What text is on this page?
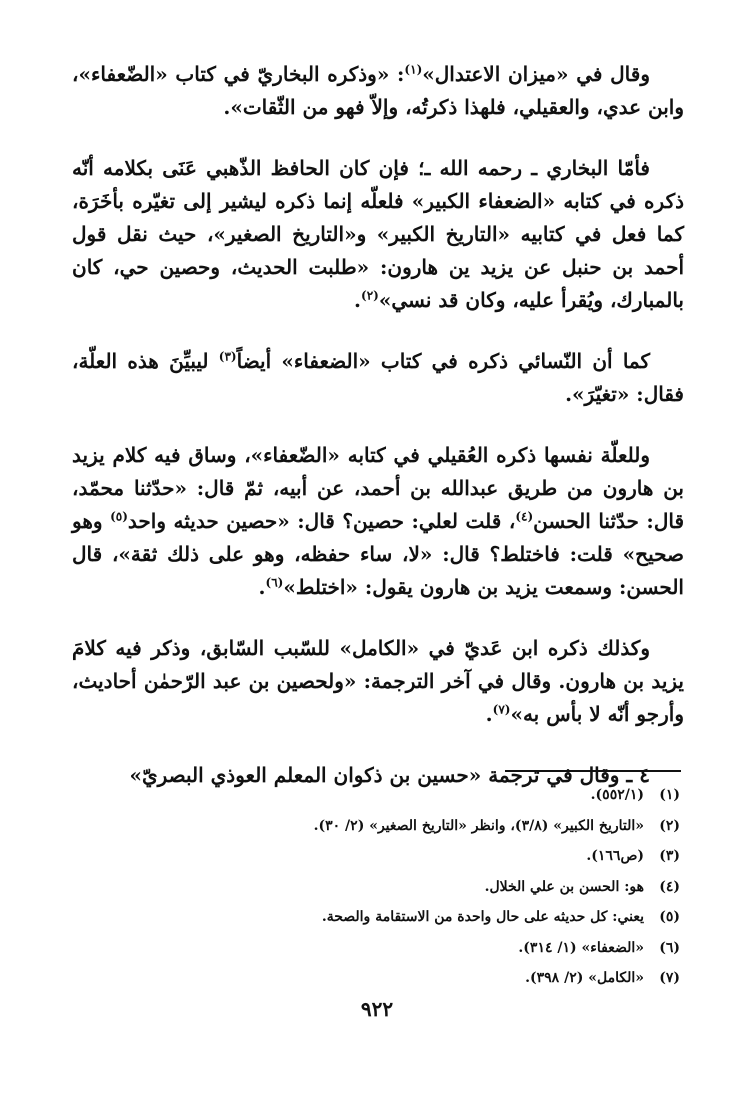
وقال في «ميزان الاعتدال»$^{(١)}$: «وذكره البخاريّ في كتاب «الضّعفاء»، وابن عدي، والعقيلي، فلهذا ذكرتُه، وإلاّ فهو من الثّقات».

فأمّا البخاري ـ رحمه الله ـ؛ فإن كان الحافظ الذّهبي عَنَى بكلامه أنّه ذكره في كتابه «الضعفاء الكبير» فلعلّه إنما ذكره ليشير إلى تغيّره بأخَرَة، كما فعل في كتابيه «التاريخ الكبير» و«التاريخ الصغير»، حيث نقل قول أحمد بن حنبل عن يزيد ين هارون: «طلبت الحديث، وحصين حي، كان بالمبارك، ويُقرأ عليه، وكان قد نسي»$^{(٢)}$.

كما أن النّسائي ذكره في كتاب «الضعفاء» أيضاً$^{(٣)}$ ليبيِّنَ هذه العلّة، فقال: «تغيّرَ».

وللعلّة نفسها ذكره العُقيلي في كتابه «الضّعفاء»، وساق فيه كلام يزيد بن هارون من طريق عبدالله بن أحمد، عن أبيه، ثمّ قال: «حدّثنا محمّد، قال: حدّثنا الحسن$^{(٤)}$، قلت لعلي: حصين؟ قال: «حصين حديثه واحد$^{(٥)}$ وهو صحيح» قلت: فاختلط؟ قال: «لا، ساء حفظه، وهو على ذلك ثقة»، قال الحسن: وسمعت يزيد بن هارون يقول: «اختلط»$^{(٦)}$.

وكذلك ذكره ابن عَديّ في «الكامل» للسّبب السّابق، وذكر فيه كلامَ يزيد بن هارون. وقال في آخر الترجمة: «ولحصين بن عبد الرّحمٰن أحاديث، وأرجو أنّه لا بأس به»$^{(٧)}$.

٤ ـ وقال في ترجمة «حسين بن ذكوان المعلم العوذي البصريّ»

(١)
(٥٥٢/١).
(٢)
«التاريخ الكبير» (٣/٨)، وانظر «التاريخ الصغير» (٢/ ٣٠).
(٣)
(ص١٦٦).
(٤)
هو: الحسن بن علي الخلال.
(٥)
يعني: كل حديثه على حال واحدة من الاستقامة والصحة.
(٦)
«الضعفاء» (١/ ٣١٤).
(٧)
«الكامل» (٢/ ٣٩٨).
٩٢٢
